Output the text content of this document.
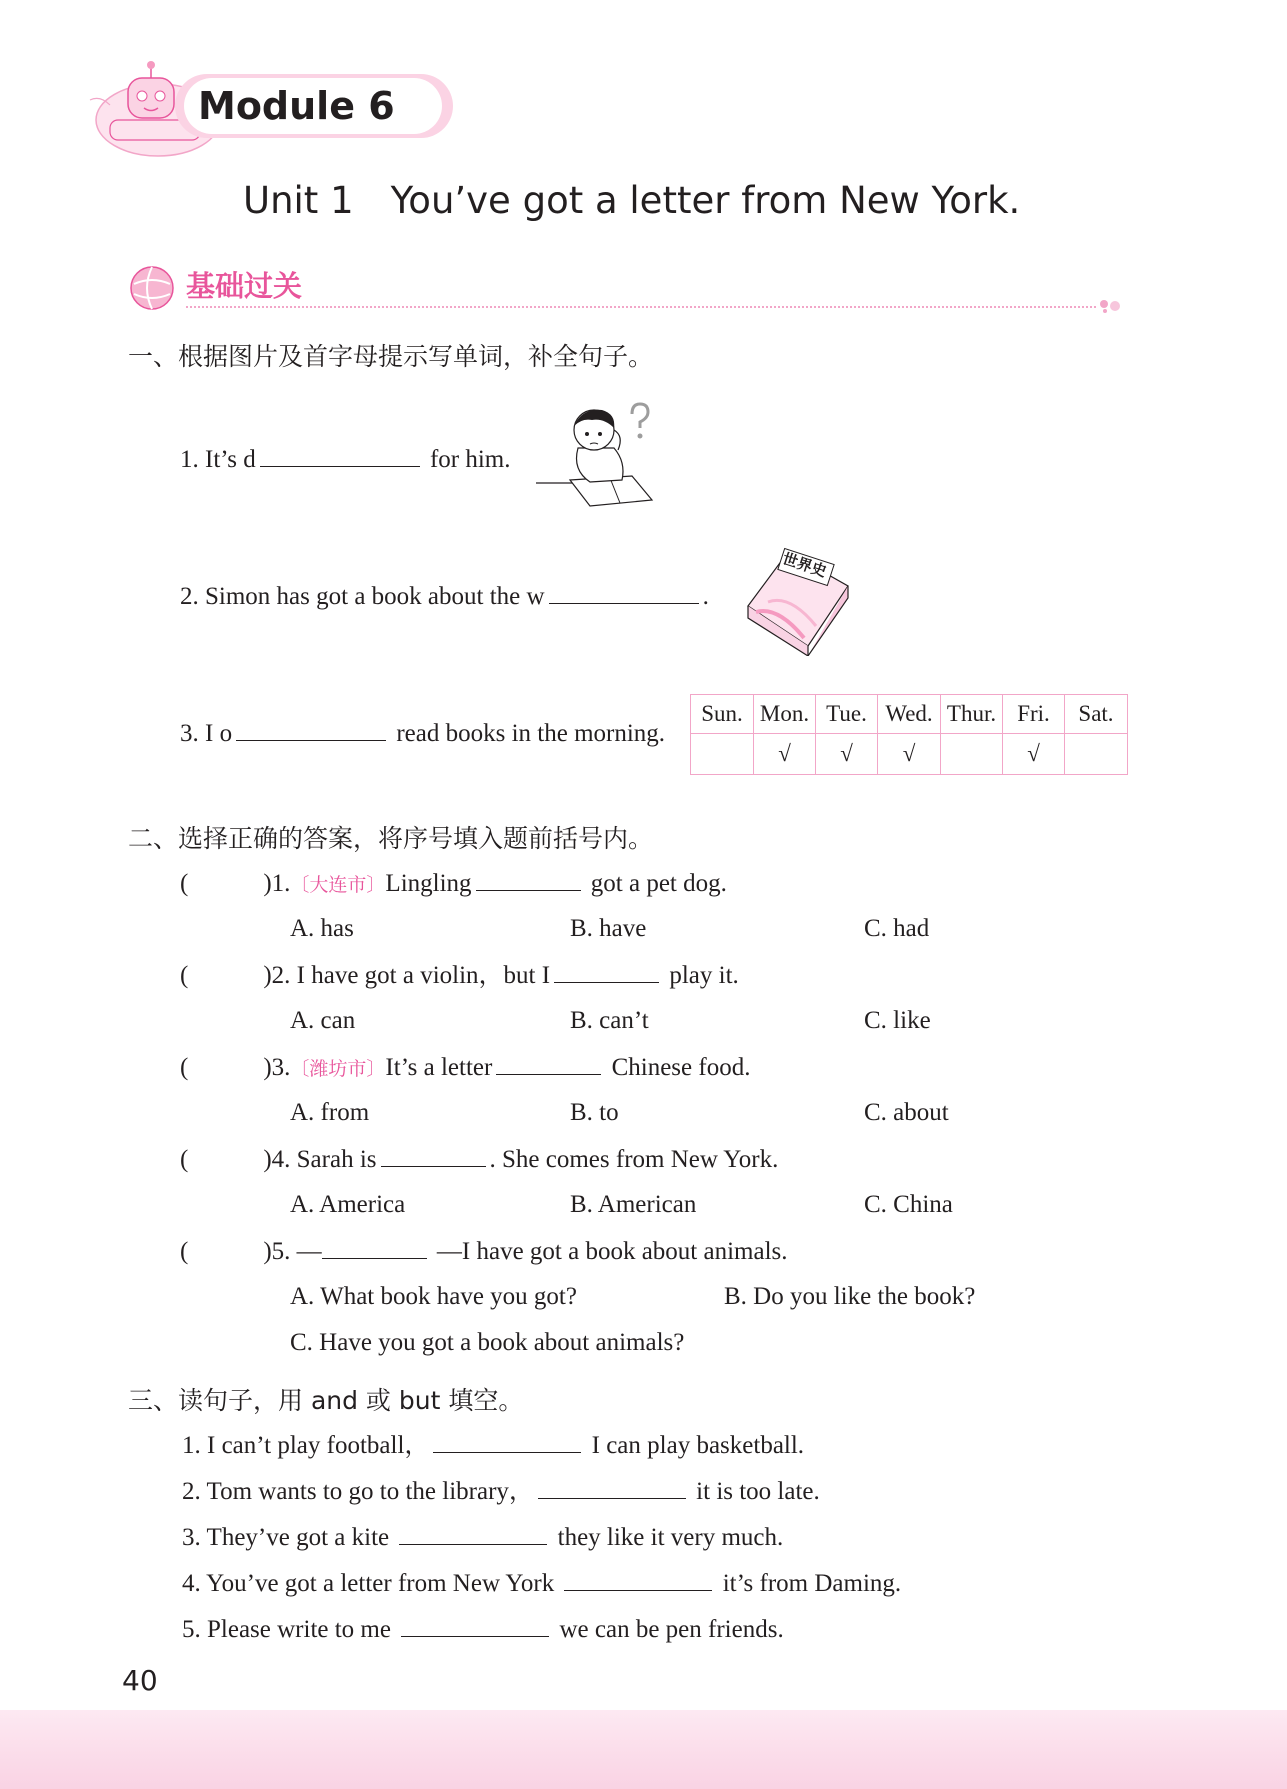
Module 6
Unit 1　You’ve got a letter from New York.
基础过关
一、根据图片及首字母提示写单词，补全句子。
1. It’s d	for him.
2. Simon has got a book about the w	.
世界史
3. I o	read books in the morning.
Sun.	Mon.	Tue.	Wed.	Thur.	Fri.	Sat.
	√	√	√		√	
二、选择正确的答案，将序号填入题前括号内。
(　　　)1.〔大连市〕Lingling	got a pet dog.
A. has	B. have	C. had
(　　　)2. I have got a violin，but I	play it.
A. can	B. can’t	C. like
(　　　)3.〔潍坊市〕It’s a letter	Chinese food.
A. from	B. to	C. about
(　　　)4. Sarah is	. She comes from New York.
A. America	B. American	C. China
(　　　)5. —	—I have got a book about animals.
A. What book have you got?	B. Do you like the book?
C. Have you got a book about animals?
三、读句子，用 and 或 but 填空。
1. I can’t play football，	I can play basketball.
2. Tom wants to go to the library，	it is too late.
3. They’ve got a kite	they like it very much.
4. You’ve got a letter from New York	it’s from Daming.
5. Please write to me	we can be pen friends.
40
